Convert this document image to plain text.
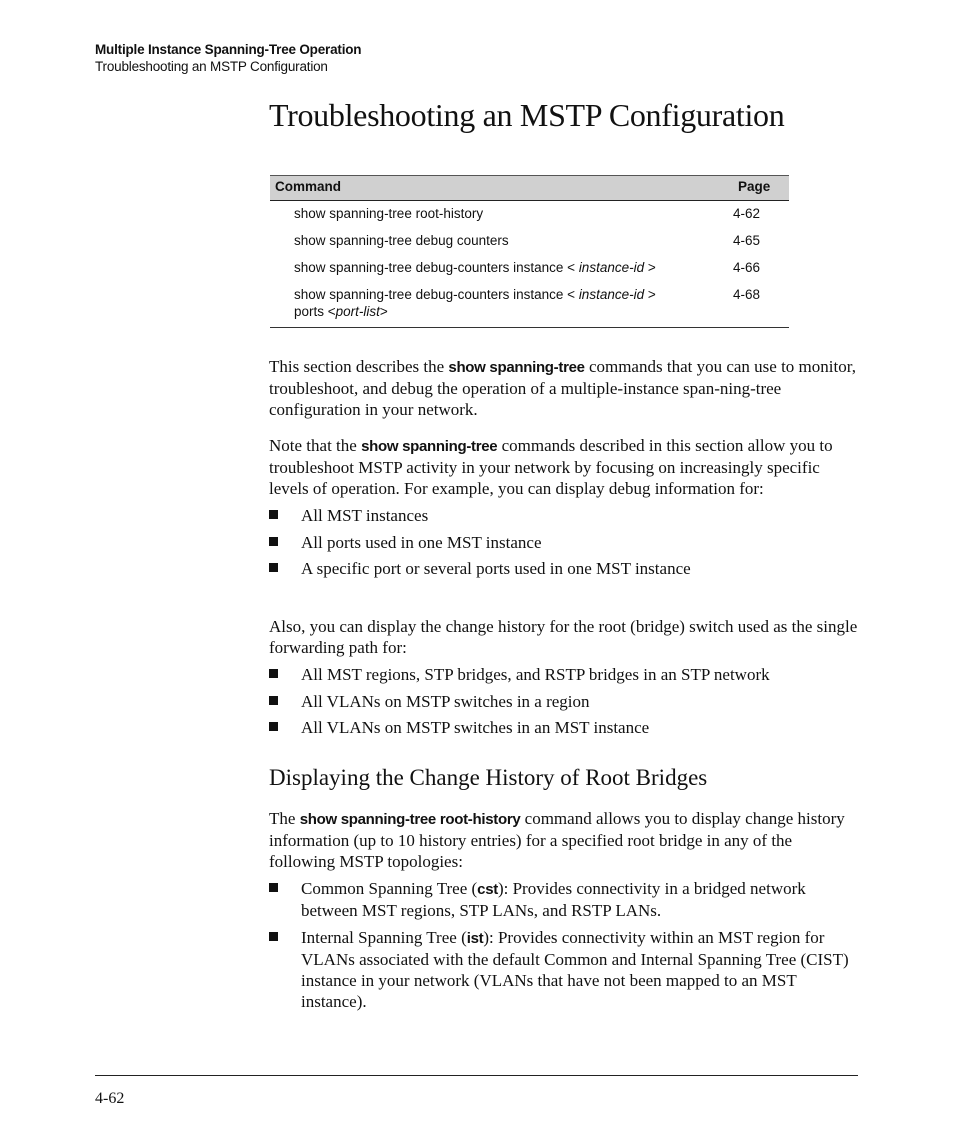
Multiple Instance Spanning-Tree Operation
Troubleshooting an MSTP Configuration
Troubleshooting an MSTP Configuration
Command	Page
show spanning-tree root-history	4-62
show spanning-tree debug counters	4-65
show spanning-tree debug-counters instance < instance-id >	4-66
show spanning-tree debug-counters instance < instance-id >
ports <port-list>	4-68

This section describes the show spanning-tree commands that you can use to monitor, troubleshoot, and debug the operation of a multiple-instance span-ning-tree configuration in your network.

Note that the show spanning-tree commands described in this section allow you to troubleshoot MSTP activity in your network by focusing on increasingly specific levels of operation. For example, you can display debug information for:

All MST instances
All ports used in one MST instance
A specific port or several ports used in one MST instance

Also, you can display the change history for the root (bridge) switch used as the single forwarding path for:

All MST regions, STP bridges, and RSTP bridges in an STP network
All VLANs on MSTP switches in a region
All VLANs on MSTP switches in an MST instance
Displaying the Change History of Root Bridges

The show spanning-tree root-history command allows you to display change history information (up to 10 history entries) for a specified root bridge in any of the following MSTP topologies:

Common Spanning Tree (cst): Provides connectivity in a bridged network between MST regions, STP LANs, and RSTP LANs.
Internal Spanning Tree (ist): Provides connectivity within an MST region for VLANs associated with the default Common and Internal Spanning Tree (CIST) instance in your network (VLANs that have not been mapped to an MST instance).
4-62
